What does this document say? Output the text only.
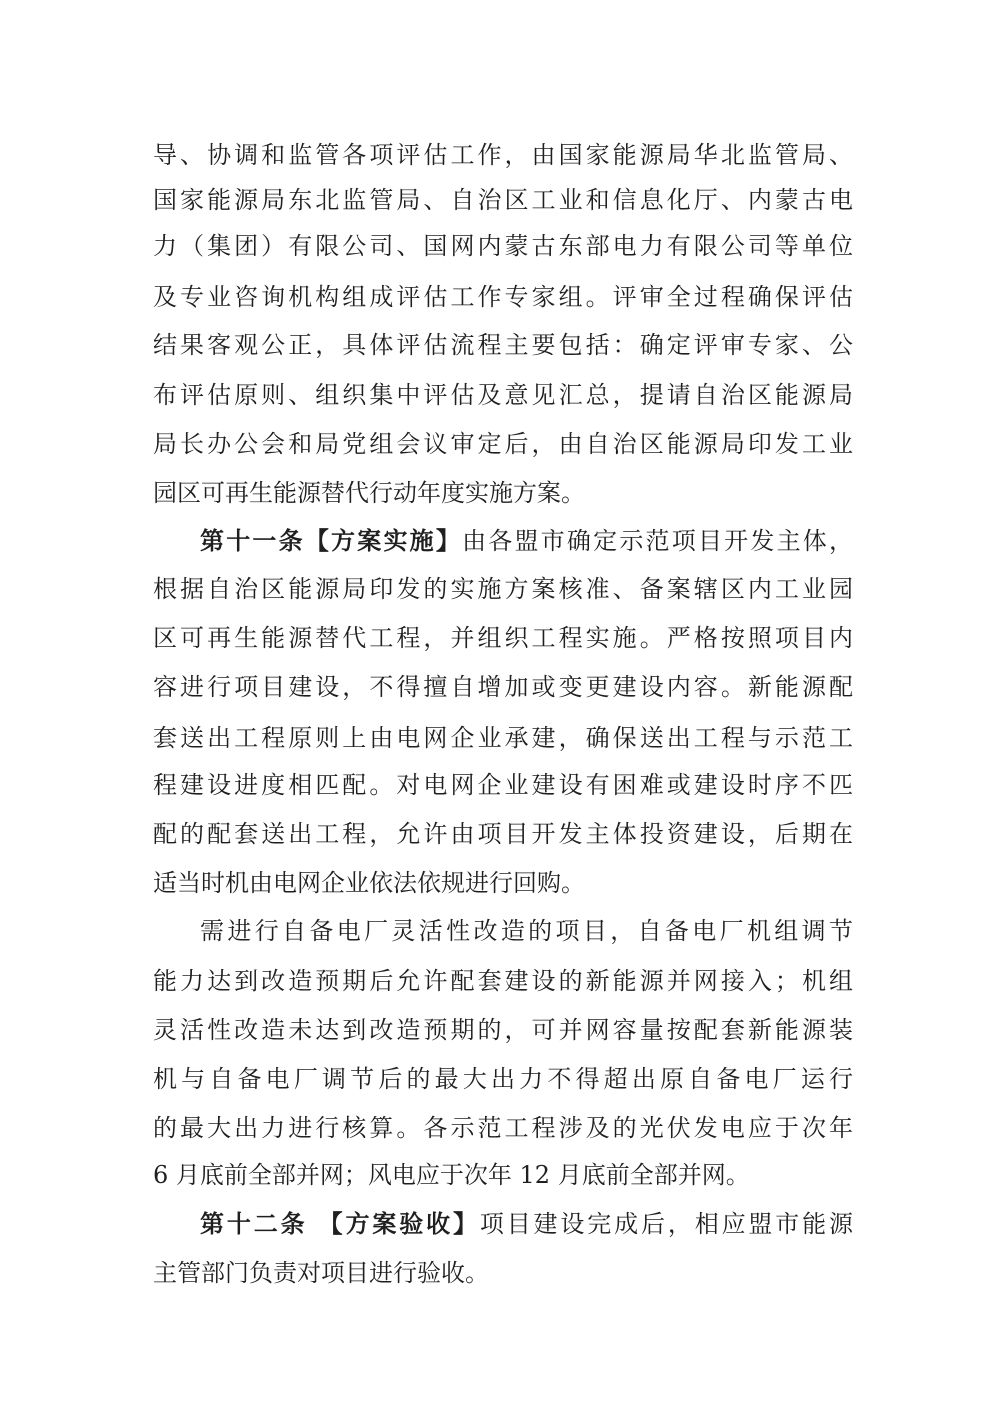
导、协调和监管各项评估工作，由国家能源局华北监管局、

国家能源局东北监管局、自治区工业和信息化厅、内蒙古电

力（集团）有限公司、国网内蒙古东部电力有限公司等单位

及专业咨询机构组成评估工作专家组。评审全过程确保评估

结果客观公正，具体评估流程主要包括：确定评审专家、公

布评估原则、组织集中评估及意见汇总，提请自治区能源局

局长办公会和局党组会议审定后，由自治区能源局印发工业

园区可再生能源替代行动年度实施方案。

第十一条【方案实施】由各盟市确定示范项目开发主体，

根据自治区能源局印发的实施方案核准、备案辖区内工业园

区可再生能源替代工程，并组织工程实施。严格按照项目内

容进行项目建设，不得擅自增加或变更建设内容。新能源配

套送出工程原则上由电网企业承建，确保送出工程与示范工

程建设进度相匹配。对电网企业建设有困难或建设时序不匹

配的配套送出工程，允许由项目开发主体投资建设，后期在

适当时机由电网企业依法依规进行回购。

需进行自备电厂灵活性改造的项目，自备电厂机组调节

能力达到改造预期后允许配套建设的新能源并网接入；机组

灵活性改造未达到改造预期的，可并网容量按配套新能源装

机与自备电厂调节后的最大出力不得超出原自备电厂运行

的最大出力进行核算。各示范工程涉及的光伏发电应于次年

6 月底前全部并网；风电应于次年 12 月底前全部并网。

第十二条 【方案验收】项目建设完成后，相应盟市能源

主管部门负责对项目进行验收。
